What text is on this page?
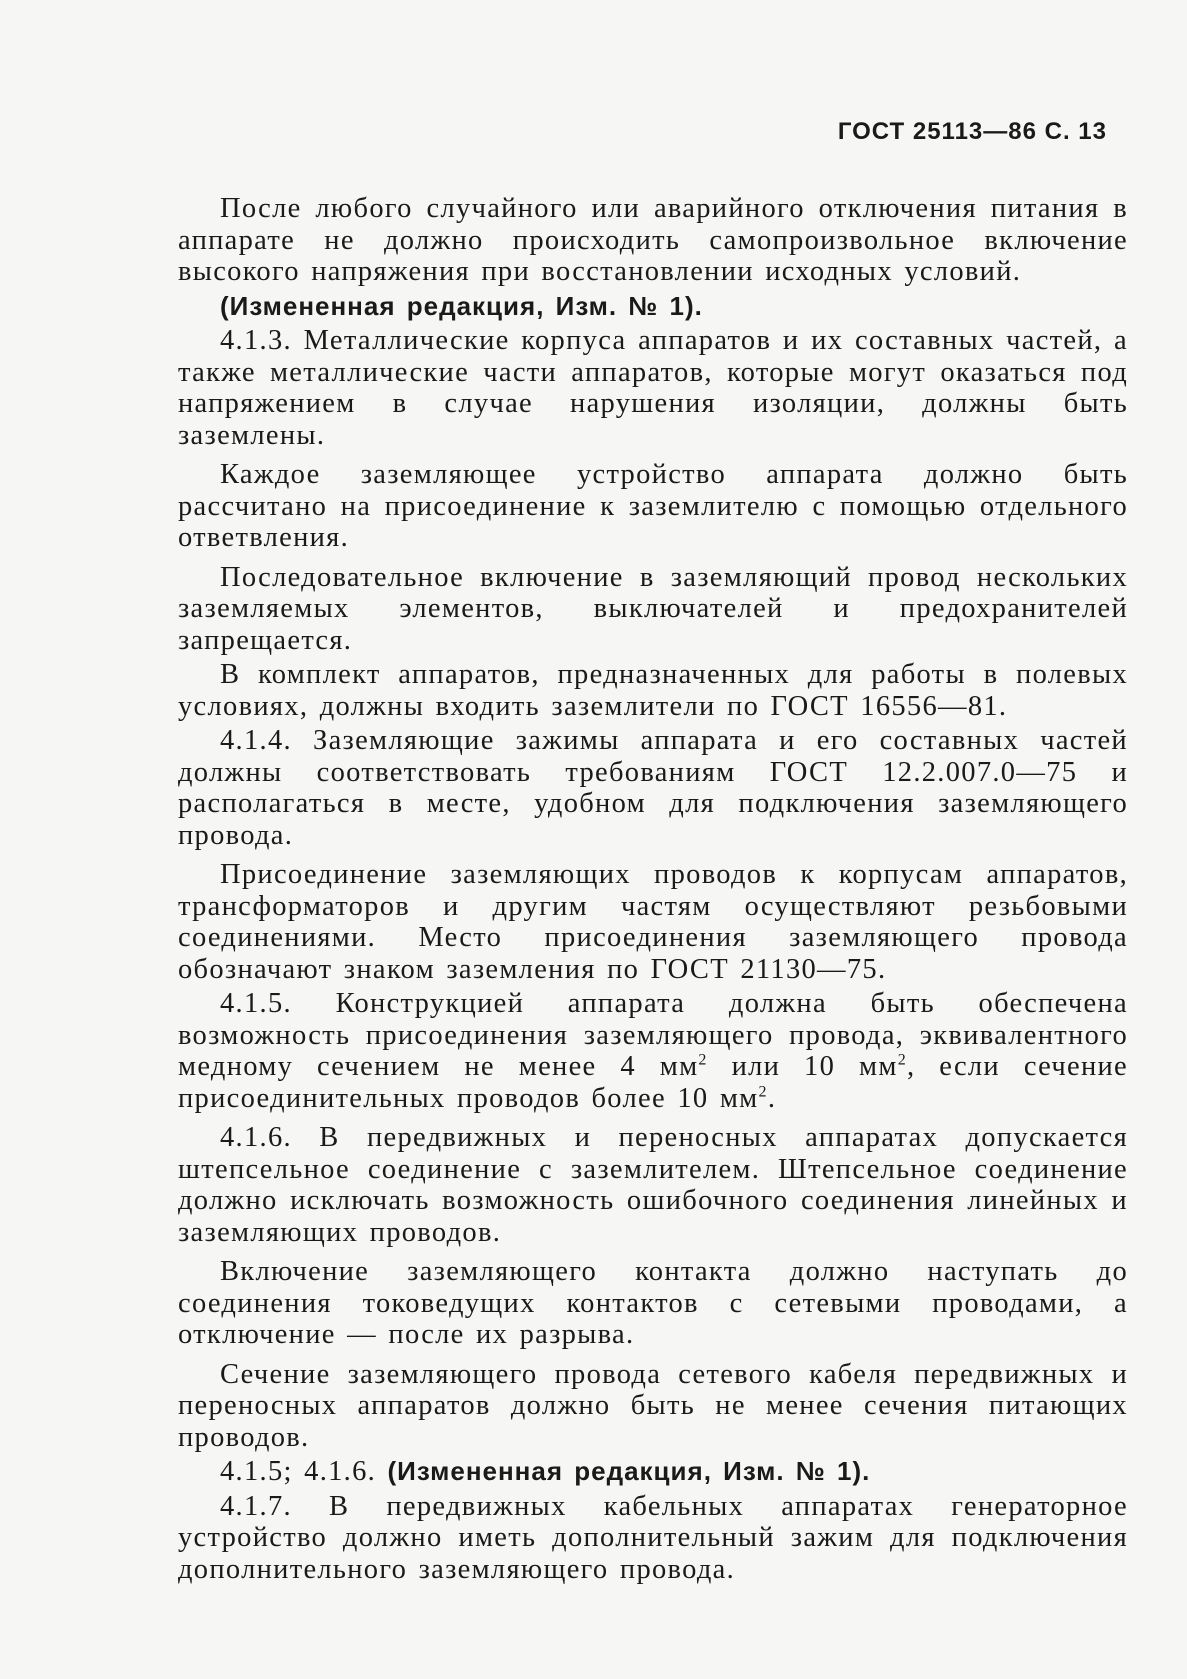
ГОСТ 25113—86 С. 13

После любого случайного или аварийного отключения питания в аппарате не должно происходить самопроизвольное включение высокого напряжения при восстановлении исходных условий.

(Измененная редакция, Изм. № 1).

4.1.3. Металлические корпуса аппаратов и их составных частей, а также металлические части аппаратов, которые могут оказаться под напряжением в случае нарушения изоляции, должны быть заземлены.

Каждое заземляющее устройство аппарата должно быть рассчитано на присоединение к заземлителю с помощью отдельного ответвления.

Последовательное включение в заземляющий провод нескольких заземляемых элементов, выключателей и предохранителей запрещается.

В комплект аппаратов, предназначенных для работы в полевых условиях, должны входить заземлители по ГОСТ 16556—81.

4.1.4. Заземляющие зажимы аппарата и его составных частей должны соответствовать требованиям ГОСТ 12.2.007.0—75 и располагаться в месте, удобном для подключения заземляющего провода.

Присоединение заземляющих проводов к корпусам аппаратов, трансформаторов и другим частям осуществляют резьбовыми соединениями. Место присоединения заземляющего провода обозначают знаком заземления по ГОСТ 21130—75.

4.1.5. Конструкцией аппарата должна быть обеспечена возможность присоединения заземляющего провода, эквивалентного медному сечением не менее 4 $мм^2$ или 10 $мм^2$, если сечение присоединительных проводов более 10 $мм^2$.

4.1.6. В передвижных и переносных аппаратах допускается штепсельное соединение с заземлителем. Штепсельное соединение должно исключать возможность ошибочного соединения линейных и заземляющих проводов.

Включение заземляющего контакта должно наступать до соединения токоведущих контактов с сетевыми проводами, а отключение — после их разрыва.

Сечение заземляющего провода сетевого кабеля передвижных и переносных аппаратов должно быть не менее сечения питающих проводов.

4.1.5; 4.1.6. (Измененная редакция, Изм. № 1).

4.1.7. В передвижных кабельных аппаратах генераторное устройство должно иметь дополнительный зажим для подключения дополнительного заземляющего провода.
